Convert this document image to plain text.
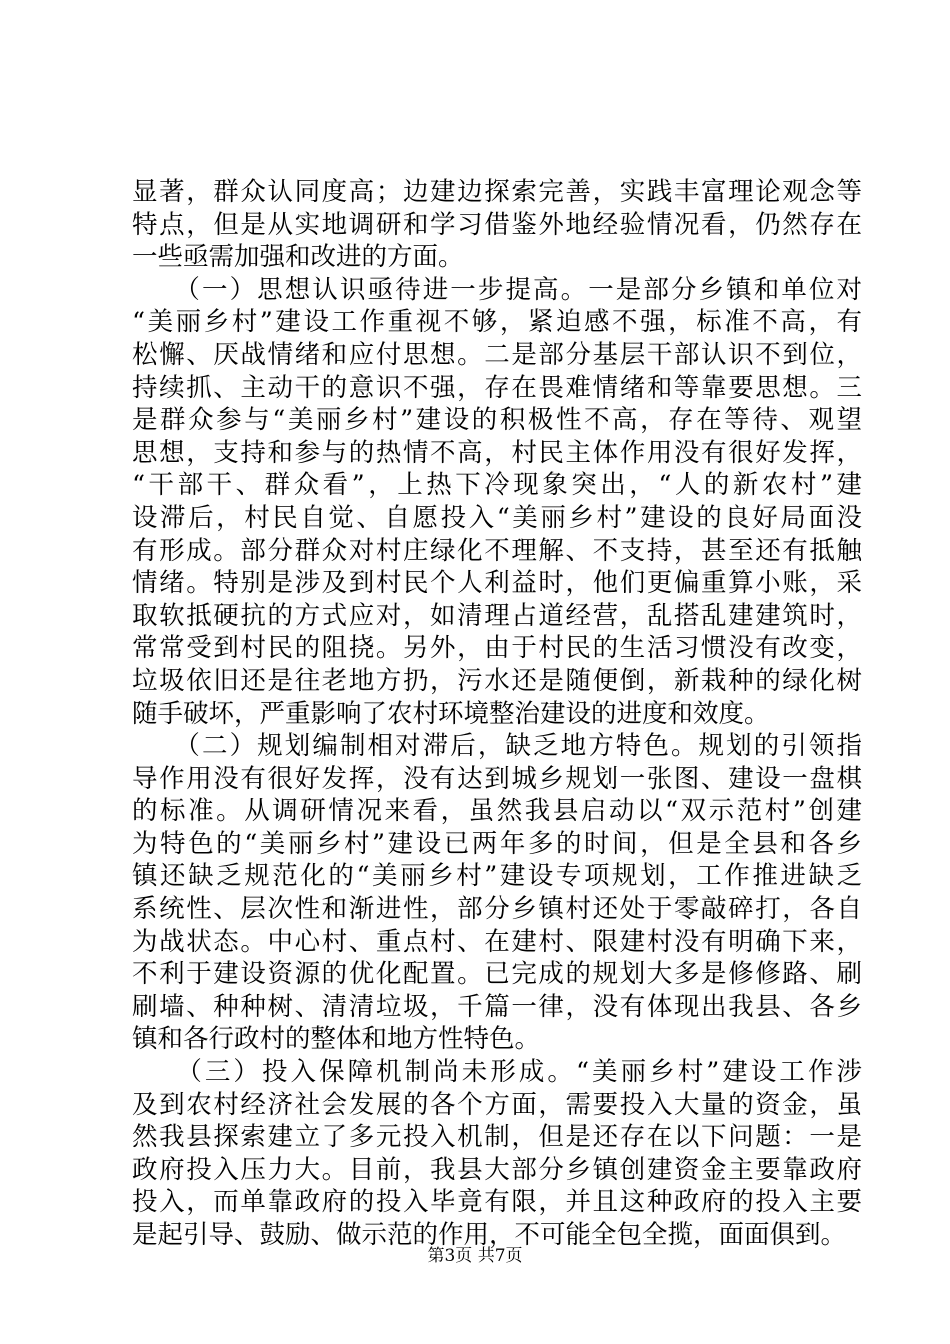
显著，群众认同度高；边建边探索完善，实践丰富理论观念等
特点，但是从实地调研和学习借鉴外地经验情况看，仍然存在
一些亟需加强和改进的方面。
　　（一）思想认识亟待进一步提高。一是部分乡镇和单位对
“美丽乡村”建设工作重视不够，紧迫感不强，标准不高，有
松懈、厌战情绪和应付思想。二是部分基层干部认识不到位，
持续抓、主动干的意识不强，存在畏难情绪和等靠要思想。三
是群众参与“美丽乡村”建设的积极性不高，存在等待、观望
思想，支持和参与的热情不高，村民主体作用没有很好发挥，
“干部干、群众看”，上热下冷现象突出，“人的新农村”建
设滞后，村民自觉、自愿投入“美丽乡村”建设的良好局面没
有形成。部分群众对村庄绿化不理解、不支持，甚至还有抵触
情绪。特别是涉及到村民个人利益时，他们更偏重算小账，采
取软抵硬抗的方式应对，如清理占道经营，乱搭乱建建筑时，
常常受到村民的阻挠。另外，由于村民的生活习惯没有改变，
垃圾依旧还是往老地方扔，污水还是随便倒，新栽种的绿化树
随手破坏，严重影响了农村环境整治建设的进度和效度。
　　（二）规划编制相对滞后，缺乏地方特色。规划的引领指
导作用没有很好发挥，没有达到城乡规划一张图、建设一盘棋
的标准。从调研情况来看，虽然我县启动以“双示范村”创建
为特色的“美丽乡村”建设已两年多的时间，但是全县和各乡
镇还缺乏规范化的“美丽乡村”建设专项规划，工作推进缺乏
系统性、层次性和渐进性，部分乡镇村还处于零敲碎打，各自
为战状态。中心村、重点村、在建村、限建村没有明确下来，
不利于建设资源的优化配置。已完成的规划大多是修修路、刷
刷墙、种种树、清清垃圾，千篇一律，没有体现出我县、各乡
镇和各行政村的整体和地方性特色。
　　（三）投入保障机制尚未形成。“美丽乡村”建设工作涉
及到农村经济社会发展的各个方面，需要投入大量的资金，虽
然我县探索建立了多元投入机制，但是还存在以下问题：一是
政府投入压力大。目前，我县大部分乡镇创建资金主要靠政府
投入，而单靠政府的投入毕竟有限，并且这种政府的投入主要
是起引导、鼓励、做示范的作用，不可能全包全揽，面面俱到。
第3页 共7页
